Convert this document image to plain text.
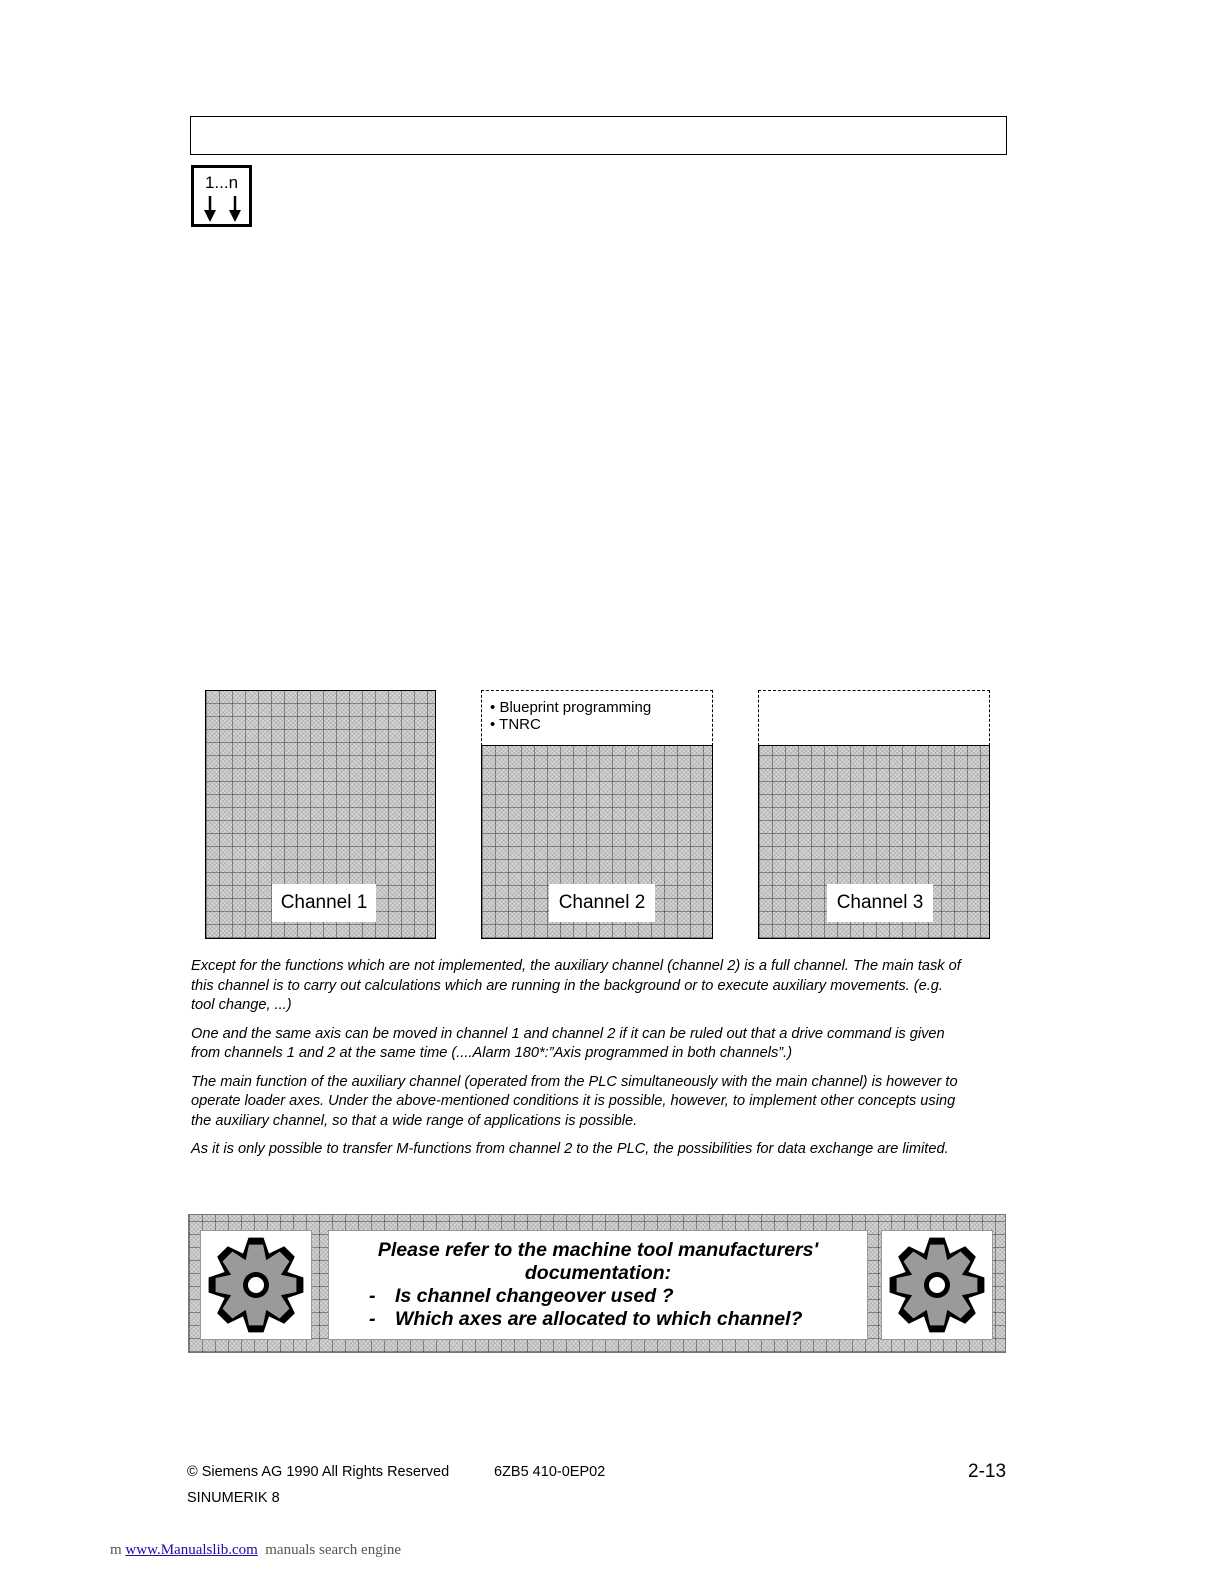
1...n
Channel 1
• Blueprint programming
• TNRC
Channel 2	Channel 3

Except for the functions which are not implemented, the auxiliary channel (channel 2) is a full channel. The main task of this channel is to carry out calculations which are running in the background or to execute auxiliary movements. (e.g. tool change, ...)

One and the same axis can be moved in channel 1 and channel 2 if it can be ruled out that a drive command is given from channels 1 and 2 at the same time (....Alarm 180*:”Axis programmed in both channels”.)

The main function of the auxiliary channel (operated from the PLC simultaneously with the main channel) is however to operate loader axes. Under the above-mentioned conditions it is possible, however, to implement other concepts using the auxiliary channel, so that a wide range of applications is possible.

As it is only possible to transfer M-functions from channel 2 to the PLC, the possibilities for data exchange are limited.

Please refer to the machine tool manufacturers'
documentation:
- Is channel changeover used ?
- Which axes are allocated to which channel?
© Siemens AG 1990 All Rights Reserved	6ZB5 410-0EP02	2-13
SINUMERIK 8
m www.Manualslib.com manuals search engine
